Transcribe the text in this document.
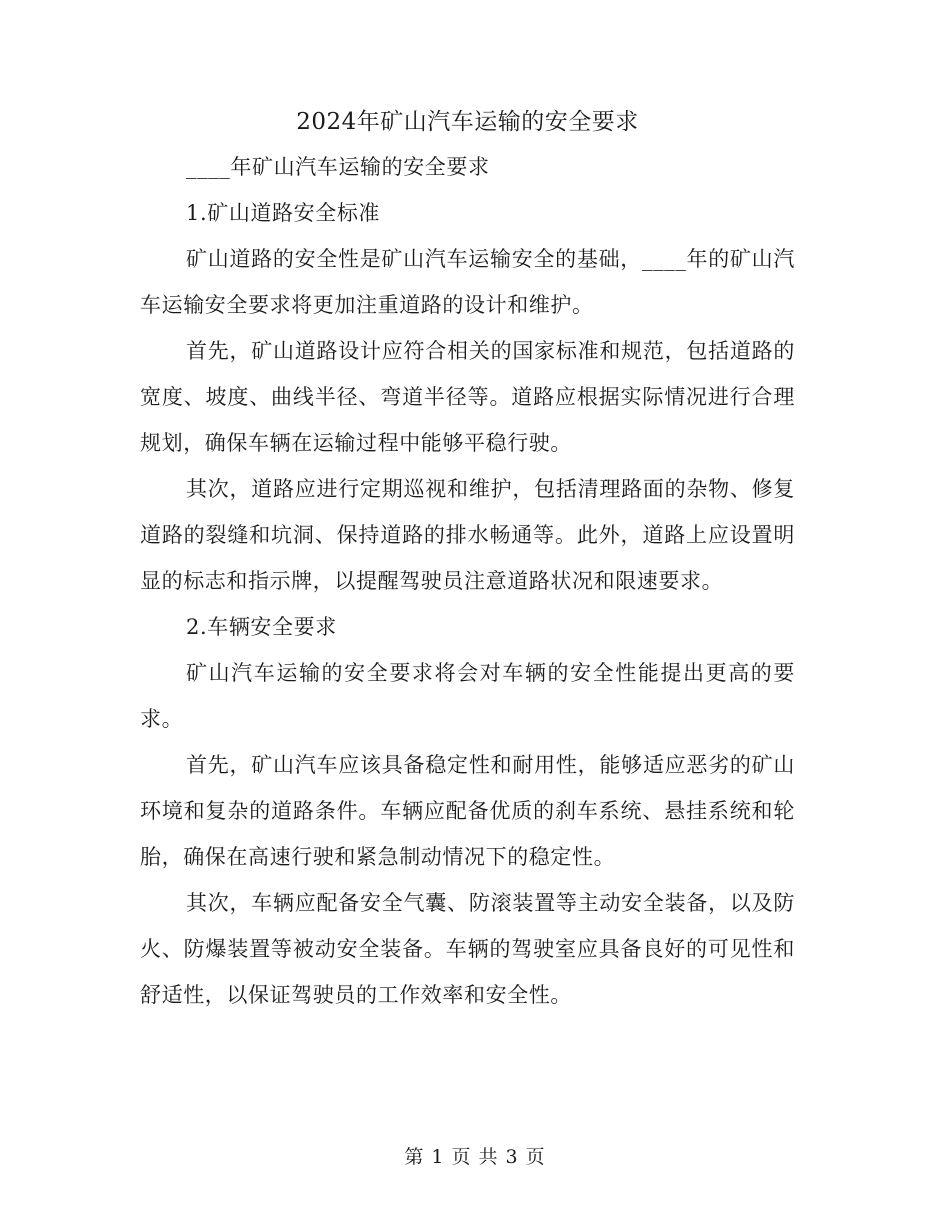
2024年矿山汽车运输的安全要求

____年矿山汽车运输的安全要求

1.矿山道路安全标准

矿山道路的安全性是矿山汽车运输安全的基础，____年的矿山汽车运输安全要求将更加注重道路的设计和维护。

首先，矿山道路设计应符合相关的国家标准和规范，包括道路的宽度、坡度、曲线半径、弯道半径等。道路应根据实际情况进行合理规划，确保车辆在运输过程中能够平稳行驶。

其次，道路应进行定期巡视和维护，包括清理路面的杂物、修复道路的裂缝和坑洞、保持道路的排水畅通等。此外，道路上应设置明显的标志和指示牌，以提醒驾驶员注意道路状况和限速要求。

2.车辆安全要求

矿山汽车运输的安全要求将会对车辆的安全性能提出更高的要求。

首先，矿山汽车应该具备稳定性和耐用性，能够适应恶劣的矿山环境和复杂的道路条件。车辆应配备优质的刹车系统、悬挂系统和轮胎，确保在高速行驶和紧急制动情况下的稳定性。

其次，车辆应配备安全气囊、防滚装置等主动安全装备，以及防火、防爆装置等被动安全装备。车辆的驾驶室应具备良好的可见性和舒适性，以保证驾驶员的工作效率和安全性。

第 1 页 共 3 页
